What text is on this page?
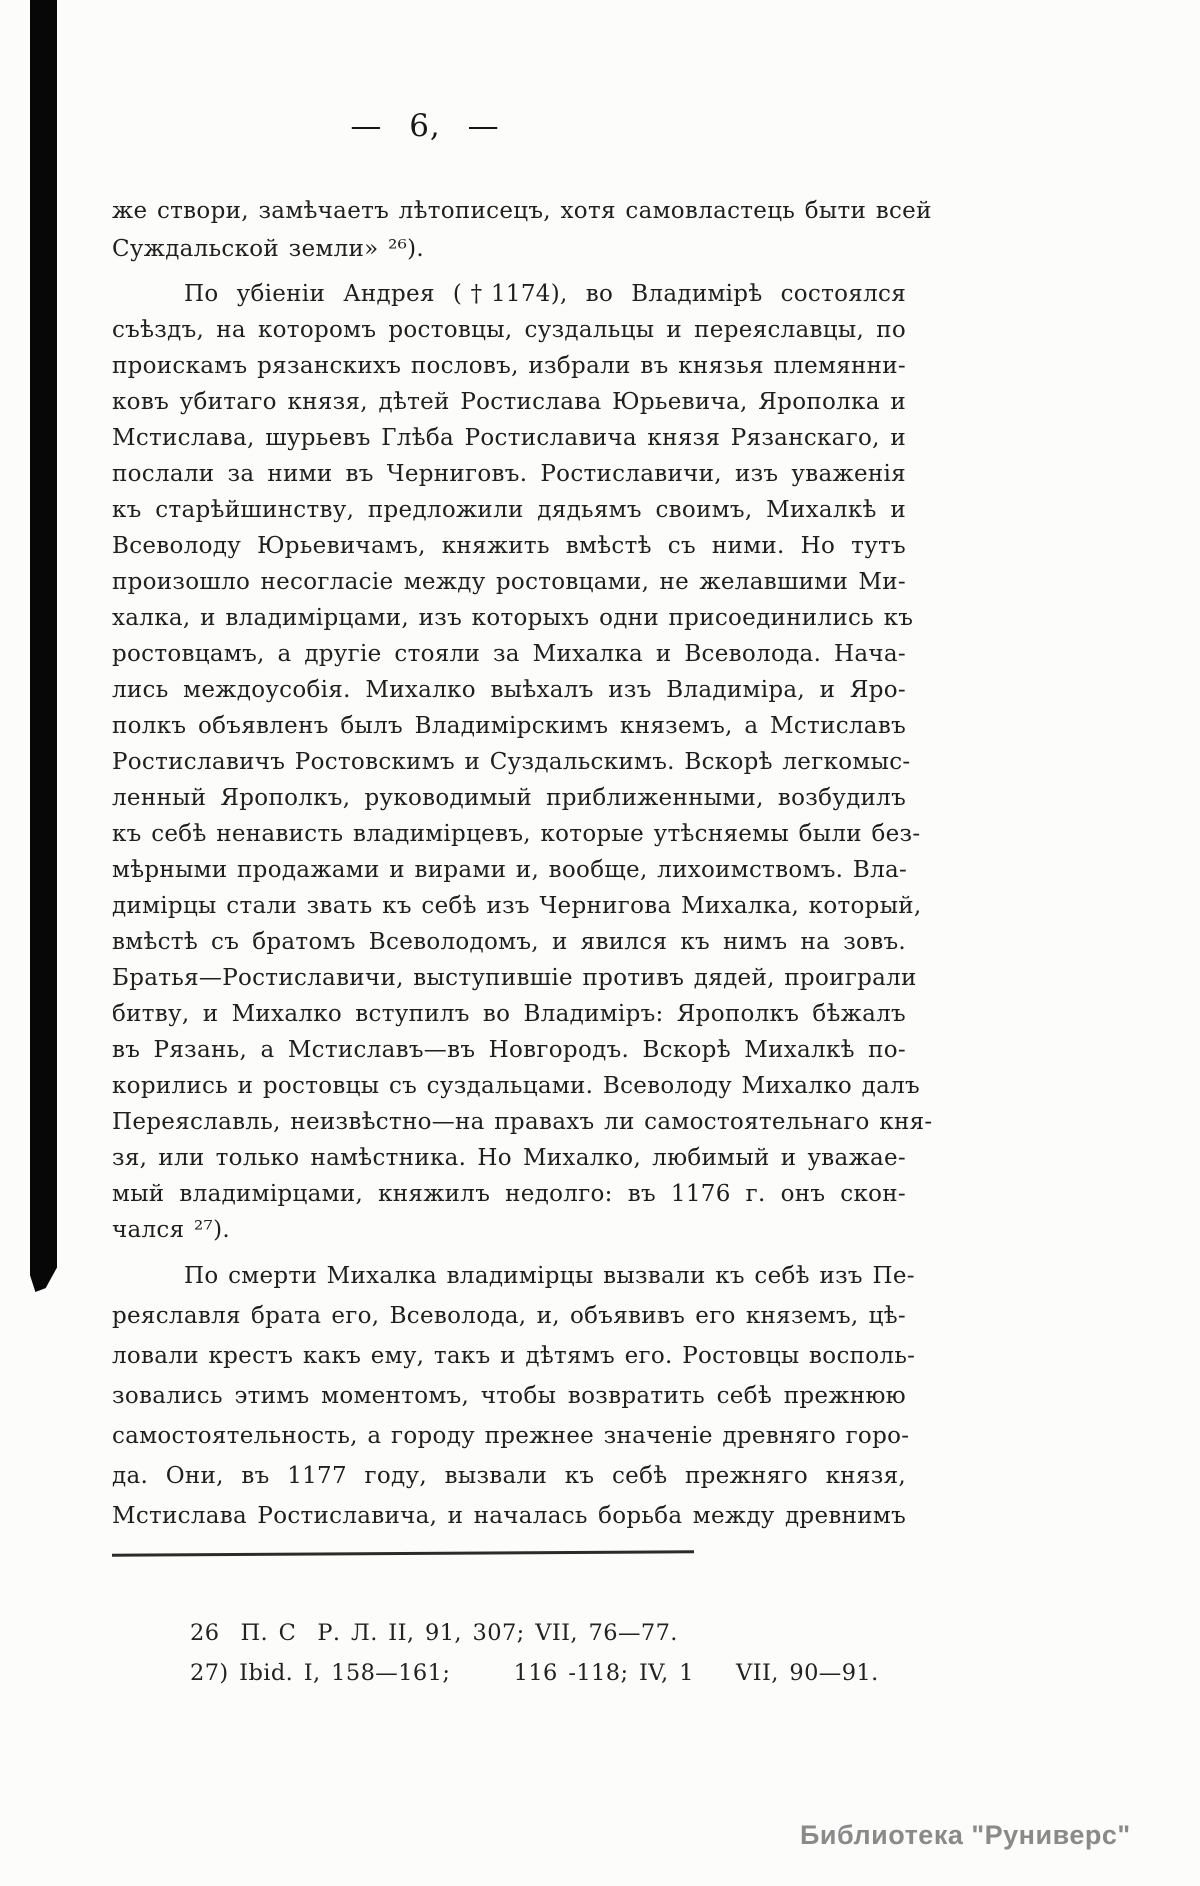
— 6, —
же створи, замѣчаетъ лѣтописецъ, хотя самовластець быти всей
Суждальской земли» ²⁶).
По убіеніи Андрея (†1174), во Владимірѣ состоялся
съѣздъ, на которомъ ростовцы, суздальцы и переяславцы, по
проискамъ рязанскихъ пословъ, избрали въ князья племянни-
ковъ убитаго князя, дѣтей Ростислава Юрьевича, Ярополка и
Мстислава, шурьевъ Глѣба Ростиславича князя Рязанскаго, и
послали за ними въ Черниговъ. Ростиславичи, изъ уваженія
къ старѣйшинству, предложили дядьямъ своимъ, Михалкѣ и
Всеволоду Юрьевичамъ, княжить вмѣстѣ съ ними. Но тутъ
произошло несогласіе между ростовцами, не желавшими Ми-
халка, и владимірцами, изъ которыхъ одни присоединились къ
ростовцамъ, а другіе стояли за Михалка и Всеволода. Нача-
лись междоусобія. Михалко выѣхалъ изъ Владиміра, и Яро-
полкъ объявленъ былъ Владимірскимъ княземъ, а Мстиславъ
Ростиславичъ Ростовскимъ и Суздальскимъ. Вскорѣ легкомыс-
ленный Ярополкъ, руководимый приближенными, возбудилъ
къ себѣ ненависть владимірцевъ, которые утѣсняемы были без-
мѣрными продажами и вирами и, вообще, лихоимствомъ. Вла-
димірцы стали звать къ себѣ изъ Чернигова Михалка, который,
вмѣстѣ съ братомъ Всеволодомъ, и явился къ нимъ на зовъ.
Братья—Ростиславичи, выступившіе противъ дядей, проиграли
битву, и Михалко вступилъ во Владиміръ: Ярополкъ бѣжалъ
въ Рязань, а Мстиславъ—въ Новгородъ. Вскорѣ Михалкѣ по-
корились и ростовцы съ суздальцами. Всеволоду Михалко далъ
Переяславль, неизвѣстно—на правахъ ли самостоятельнаго кня-
зя, или только намѣстника. Но Михалко, любимый и уважае-
мый владимірцами, княжилъ недолго: въ 1176 г. онъ скон-
чался ²⁷).
По смерти Михалка владимірцы вызвали къ себѣ изъ Пе-
реяславля брата его, Всеволода, и, объявивъ его княземъ, цѣ-
ловали крестъ какъ ему, такъ и дѣтямъ его. Ростовцы восполь-
зовались этимъ моментомъ, чтобы возвратить себѣ прежнюю
самостоятельность, а городу прежнее значеніе древняго горо-
да. Они, въ 1177 году, вызвали къ себѣ прежняго князя,
Мстислава Ростиславича, и началась борьба между древнимъ
26  П. С  Р. Л. II, 91, 307; VII, 76—77.
27) Ibid. I, 158—161;      116 -118; IV, 1    VII, 90—91.
Библиотека "Руниверс"
